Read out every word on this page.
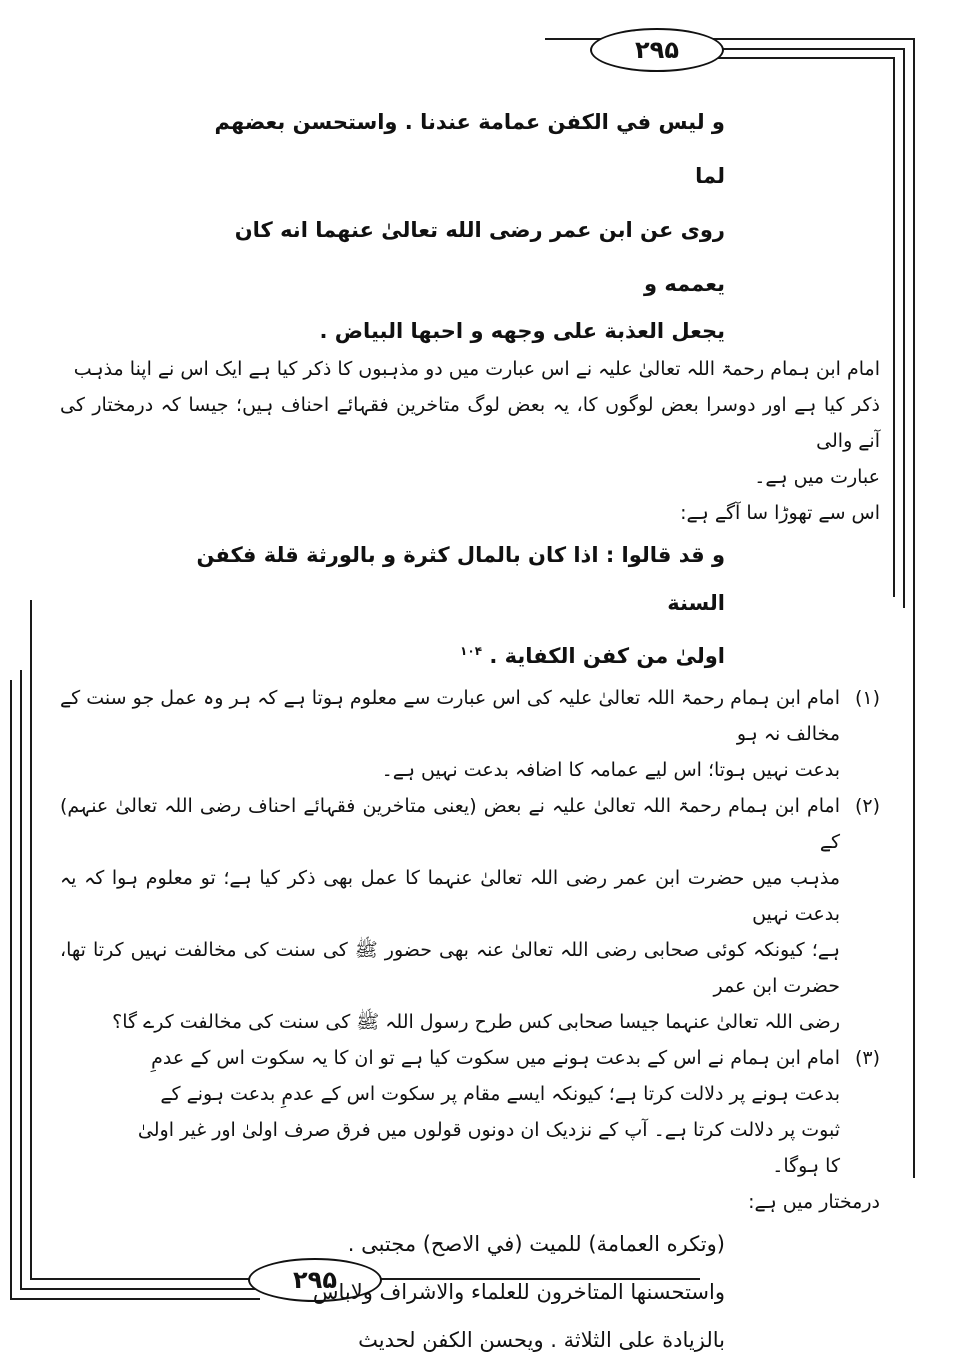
۲۹۵
۲۹۵
و ليس في الكفن عمامة عندنا . واستحسن بعضهم لما
روى عن ابن عمر رضى الله تعالىٰ عنهما انه كان يعممه و
يجعل العذبة على وجهه و احبها البياض .
امام ابن ہمام رحمۃ اللہ تعالیٰ علیہ نے اس عبارت میں دو مذہبوں کا ذکر کیا ہے ایک اس نے اپنا مذہب
ذکر کیا ہے اور دوسرا بعض لوگوں کا، یہ بعض لوگ متاخرین فقہائے احناف ہیں؛ جیسا کہ درمختار کی آنے والی
عبارت میں ہے۔
اس سے تھوڑا سا آگے ہے:
و قد قالوا : اذا كان بالمال كثرة و بالورثة قلة فكفن السنة
اولىٰ من كفن الكفاية . $^{۱۰۴}$
(۱)
امام ابن ہمام رحمۃ اللہ تعالیٰ علیہ کی اس عبارت سے معلوم ہوتا ہے کہ ہر وہ عمل جو سنت کے مخالف نہ ہو
بدعت نہیں ہوتا؛ اس لیے عمامہ کا اضافہ بدعت نہیں ہے۔
(۲)
امام ابن ہمام رحمۃ اللہ تعالیٰ علیہ نے بعض (یعنی متاخرین فقہائے احناف رضی اللہ تعالیٰ عنہم) کے
مذہب میں حضرت ابن عمر رضی اللہ تعالیٰ عنہما کا عمل بھی ذکر کیا ہے؛ تو معلوم ہوا کہ یہ بدعت نہیں
ہے؛ کیونکہ کوئی صحابی رضی اللہ تعالیٰ عنہ بھی حضور ﷺ کی سنت کی مخالفت نہیں کرتا تھا، حضرت ابن عمر
رضی اللہ تعالیٰ عنہما جیسا صحابی کس طرح رسول اللہ ﷺ کی سنت کی مخالفت کرے گا؟
(۳)
امام ابن ہمام نے اس کے بدعت ہونے میں سکوت کیا ہے تو ان کا یہ سکوت اس کے عدمِ
بدعت ہونے پر دلالت کرتا ہے؛ کیونکہ ایسے مقام پر سکوت اس کے عدمِ بدعت ہونے کے
ثبوت پر دلالت کرتا ہے۔ آپ کے نزدیک ان دونوں قولوں میں فرق صرف اولیٰ اور غیر اولیٰ
کا ہوگا۔
درمختار میں ہے:
(وتكره العمامة) للميت (في الاصح) مجتبى .
واستحسنها المتاخرون للعلماء والاشراف ولاباس
بالزيادة على الثلاثة . ويحسن الكفن لحديث
